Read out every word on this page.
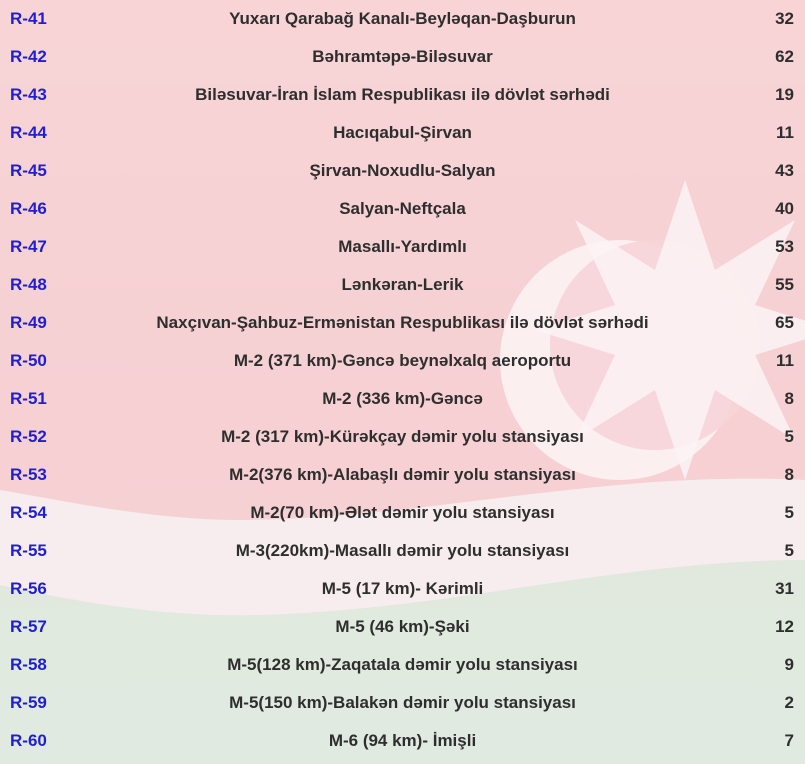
R-41	Yuxarı Qarabağ Kanalı-Beyləqan-Daşburun	32
R-42	Bəhramtəpə-Biləsuvar	62
R-43	Biləsuvar-İran İslam Respublikası ilə dövlət sərhədi	19
R-44	Hacıqabul-Şirvan	11
R-45	Şirvan-Noxudlu-Salyan	43
R-46	Salyan-Neftçala	40
R-47	Masallı-Yardımlı	53
R-48	Lənkəran-Lerik	55
R-49	Naxçıvan-Şahbuz-Ermənistan Respublikası ilə dövlət sərhədi	65
R-50	M-2 (371 km)-Gəncə beynəlxalq aeroportu	11
R-51	M-2 (336 km)-Gəncə	8
R-52	M-2 (317 km)-Kürəkçay dəmir yolu stansiyası	5
R-53	M-2(376 km)-Alabaşlı dəmir yolu stansiyası	8
R-54	M-2(70 km)-Ələt dəmir yolu stansiyası	5
R-55	M-3(220km)-Masallı dəmir yolu stansiyası	5
R-56	M-5 (17 km)- Kərimli	31
R-57	M-5 (46 km)-Şəki	12
R-58	M-5(128 km)-Zaqatala dəmir yolu stansiyası	9
R-59	M-5(150 km)-Balakən dəmir yolu stansiyası	2
R-60	M-6 (94 km)- İmişli	7
